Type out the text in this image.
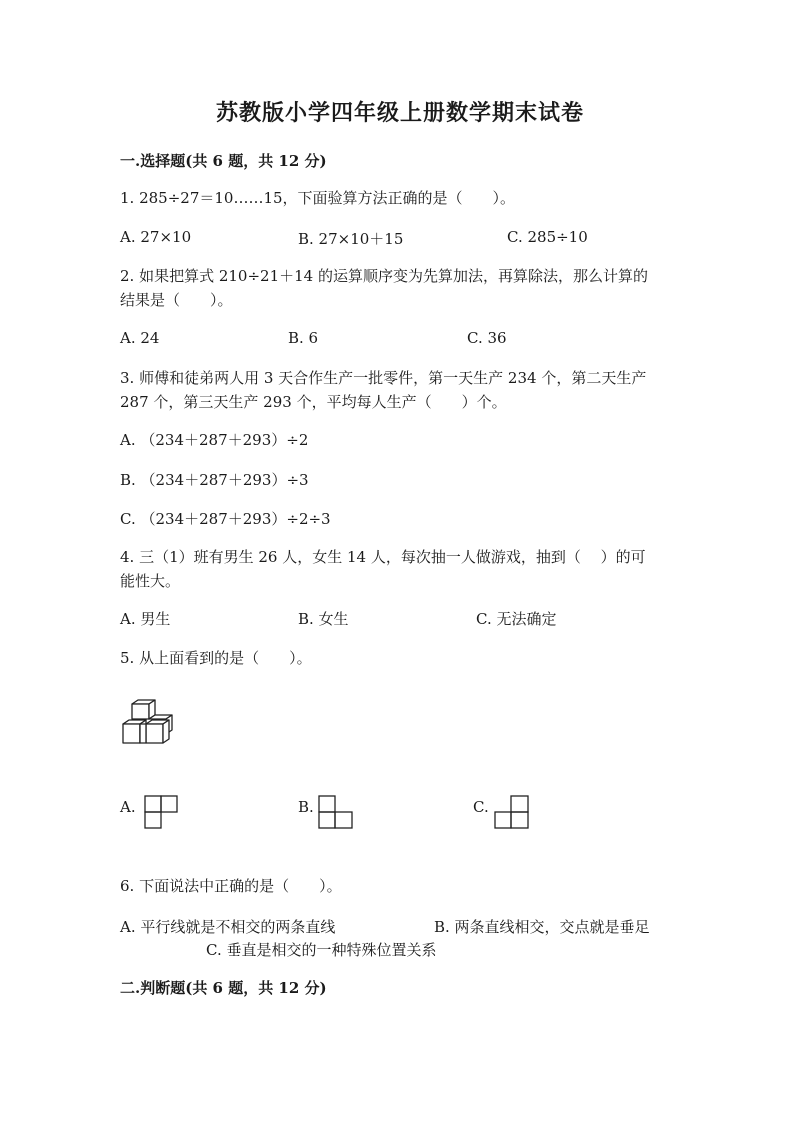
苏教版小学四年级上册数学期末试卷
一.选择题(共 6 题，共 12 分)
1. 285÷27＝10……15，下面验算方法正确的是（　　）。
A. 27×10	B. 27×10＋15	C. 285÷10
2. 如果把算式 210÷21＋14 的运算顺序变为先算加法，再算除法，那么计算的
结果是（　　）。
A. 24	B. 6	C. 36
3. 师傅和徒弟两人用 3 天合作生产一批零件，第一天生产 234 个，第二天生产
287 个，第三天生产 293 个，平均每人生产（　　）个。
A. （234＋287＋293）÷2
B. （234＋287＋293）÷3
C. （234＋287＋293）÷2÷3
4. 三（1）班有男生 26 人，女生 14 人，每次抽一人做游戏，抽到（　 ）的可
能性大。
A. 男生	B. 女生	C. 无法确定
5. 从上面看到的是（　　）。
A.	B.	C.
6. 下面说法中正确的是（　　）。
A. 平行线就是不相交的两条直线	B. 两条直线相交，交点就是垂足
C. 垂直是相交的一种特殊位置关系
二.判断题(共 6 题，共 12 分)
